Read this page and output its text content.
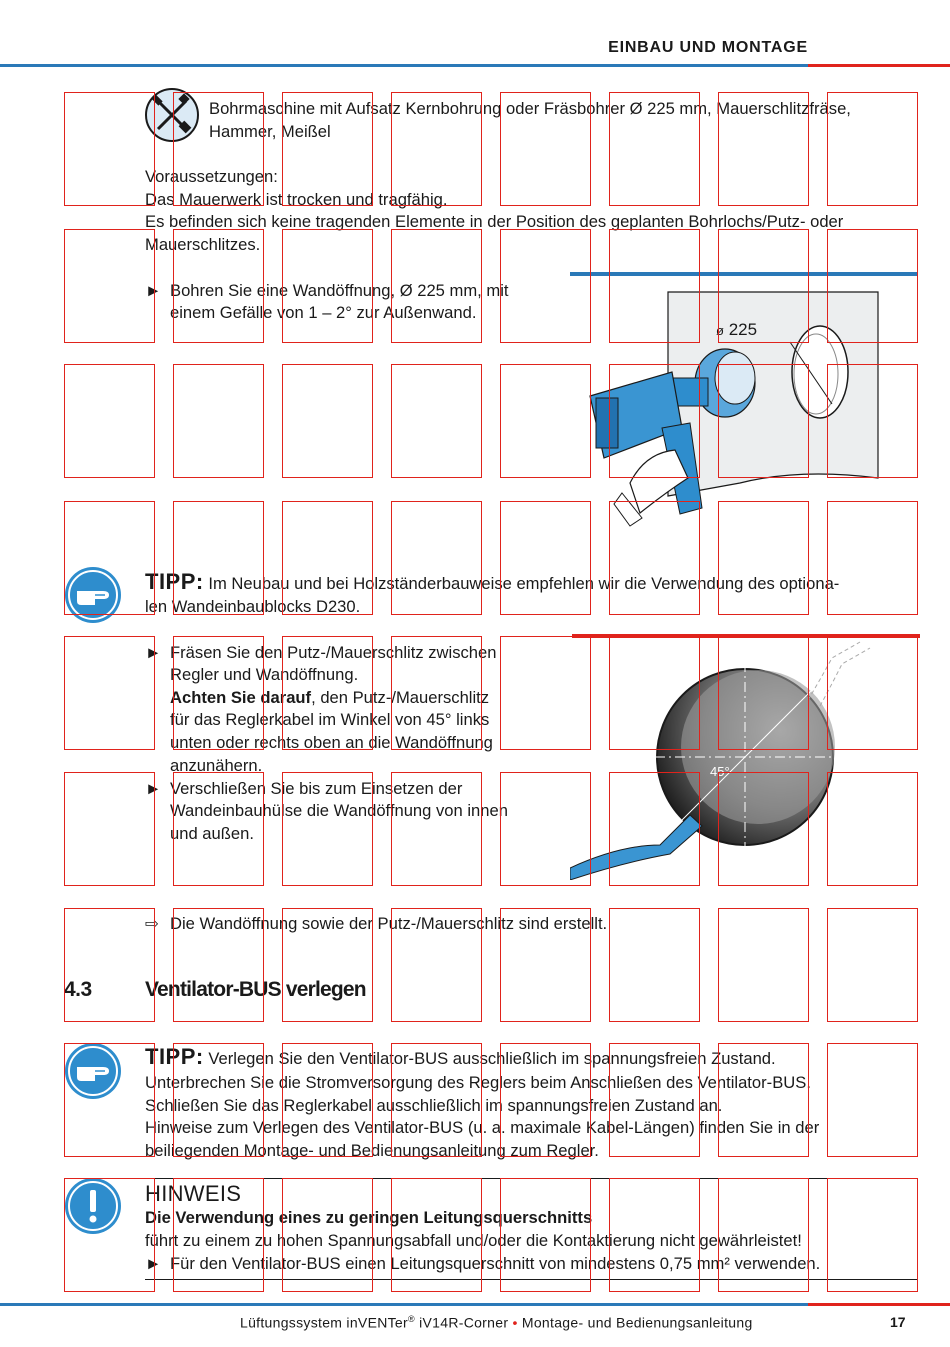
EINBAU UND MONTAGE
Bohrmaschine mit Aufsatz Kernbohrung oder Fräsbohrer Ø 225 mm, Mauerschlitzfräse,
Hammer, Meißel
Voraussetzungen:
Das Mauerwerk ist trocken und tragfähig.
Es befinden sich keine tragenden Elemente in der Position des geplanten Bohrlochs/Putz- oder
Mauerschlitzes.
► Bohren Sie eine Wandöffnung, Ø 225 mm, mit
einem Gefälle von 1 – 2° zur Außenwand.
ø 225
TIPP: Im Neubau und bei Holzständerbauweise empfehlen wir die Verwendung des optiona-
len Wandeinbaublocks D230.
► Fräsen Sie den Putz-/Mauerschlitz zwischen
Regler und Wandöffnung.
Achten Sie darauf, den Putz-/Mauerschlitz
für das Reglerkabel im Winkel von 45° links
unten oder rechts oben an die Wandöffnung
anzunähern.
► Verschließen Sie bis zum Einsetzen der
Wandeinbauhülse die Wandöffnung von innen
und außen.
45°
⇨ Die Wandöffnung sowie der Putz-/Mauerschlitz sind erstellt.
4.3	Ventilator-BUS verlegen
TIPP: Verlegen Sie den Ventilator-BUS ausschließlich im spannungsfreien Zustand.
Unterbrechen Sie die Stromversorgung des Reglers beim Anschließen des Ventilator-BUS.
Schließen Sie das Reglerkabel ausschließlich im spannungsfreien Zustand an.
Hinweise zum Verlegen des Ventilator-BUS (u. a. maximale Kabel-Längen) finden Sie in der
beiliegenden Montage- und Bedienungsanleitung zum Regler.
HINWEIS
Die Verwendung eines zu geringen Leitungsquerschnitts
führt zu einem zu hohen Spannungsabfall und/oder die Kontaktierung nicht gewährleistet!
► Für den Ventilator-BUS einen Leitungsquerschnitt von mindestens 0,75 mm² verwenden.
Lüftungssystem inVENTer® iV14R-Corner • Montage- und Bedienungsanleitung	17
